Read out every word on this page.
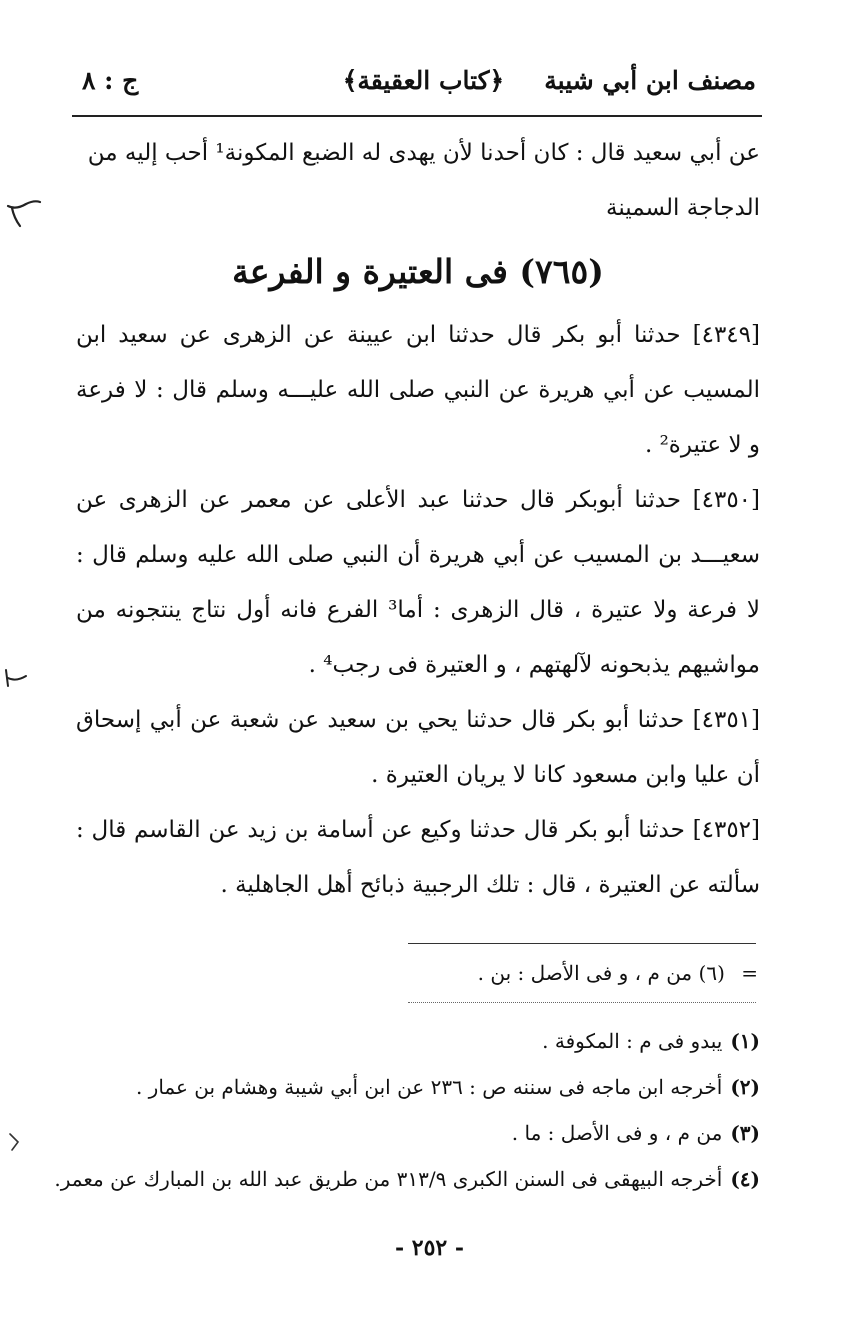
مصنف ابن أبي شيبة
﴿كتاب العقيقة﴾
ج : ٨

عن أبي سعيد قال : كان أحدنا لأن يهدى له الضبع المكونة¹ أحب إليه من
الدجاجة السمينة

(٧٦٥) فى العتيرة و الفرعة

[٤٣٤٩] حدثنا أبو بكر قال حدثنا ابن عيينة عن الزهرى عن سعيد ابن المسيب عن أبي هريرة عن النبي صلى الله عليـــه وسلم قال : لا فرعة و لا عتيرة² .

[٤٣٥٠] حدثنا أبوبكر قال حدثنا عبد الأعلى عن معمر عن الزهرى عن سعيـــد بن المسيب عن أبي هريرة أن النبي صلى الله عليه وسلم قال : لا فرعة ولا عتيرة ، قال الزهرى : أما³ الفرع فانه أول نتاج ينتجونه من مواشيهم يذبحونه لآلهتهم ، و العتيرة فى رجب⁴ .

[٤٣٥١] حدثنا أبو بكر قال حدثنا يحي بن سعيد عن شعبة عن أبي إسحاق أن عليا وابن مسعود كانا لا يريان العتيرة .

[٤٣٥٢] حدثنا أبو بكر قال حدثنا وكيع عن أسامة بن زيد عن القاسم قال : سألته عن العتيرة ، قال : تلك الرجبية ذبائح أهل الجاهلية .

= (٦) من م ، و فى الأصل : بن .

(١)يبدو فى م : المكوفة .

(٢)أخرجه ابن ماجه فى سننه ص : ٢٣٦ عن ابن أبي شيبة وهشام بن عمار .

(٣)من م ، و فى الأصل : ما .

(٤)أخرجه البيهقى فى السنن الكبرى ٣١٣/٩ من طريق عبد الله بن المبارك عن معمر.

- ٢٥٢ -
